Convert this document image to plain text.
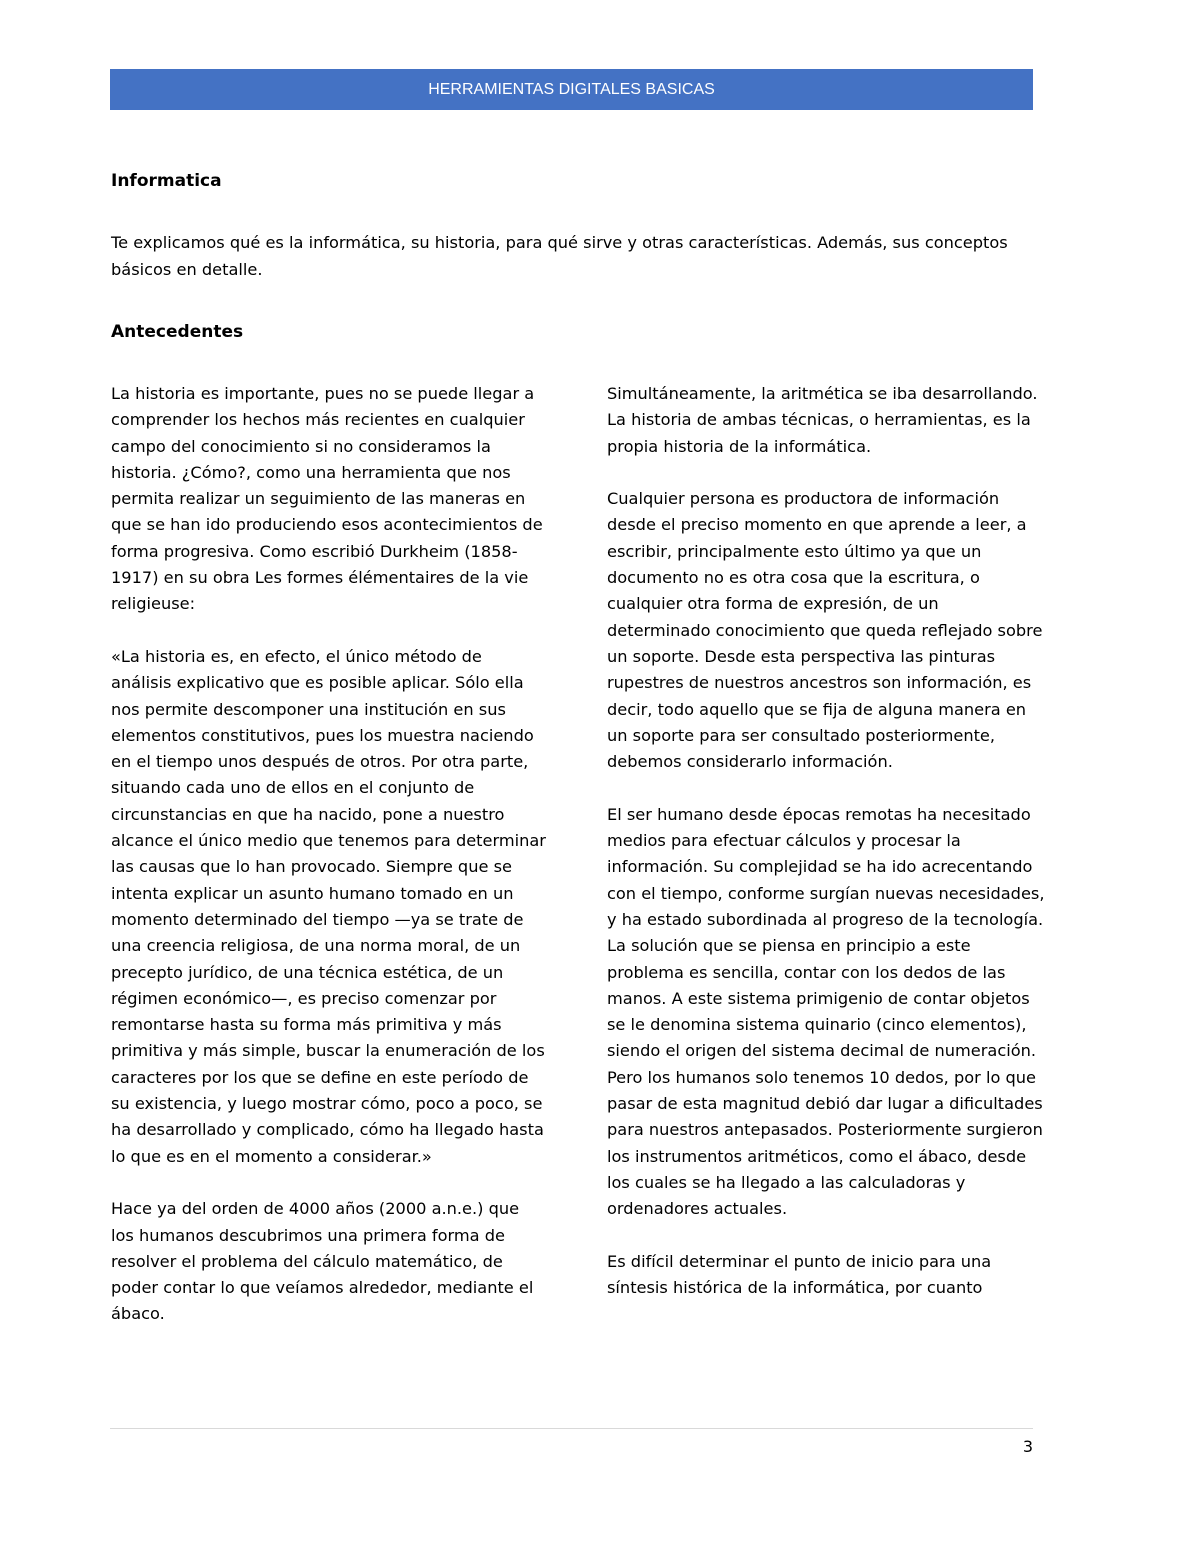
HERRAMIENTAS DIGITALES BASICAS
Informatica

Te explicamos qué es la informática, su historia, para qué sirve y otras características. Además, sus conceptos básicos en detalle.

Antecedentes

La historia es importante, pues no se puede llegar a comprender los hechos más recientes en cualquier campo del conocimiento si no consideramos la historia. ¿Cómo?, como una herramienta que nos permita realizar un seguimiento de las maneras en que se han ido produciendo esos acontecimientos de forma progresiva. Como escribió Durkheim (1858-1917) en su obra Les formes élémentaires de la vie religieuse:

«La historia es, en efecto, el único método de análisis explicativo que es posible aplicar. Sólo ella nos permite descomponer una institución en sus elementos constitutivos, pues los muestra naciendo en el tiempo unos después de otros. Por otra parte, situando cada uno de ellos en el conjunto de circunstancias en que ha nacido, pone a nuestro alcance el único medio que tenemos para determinar las causas que lo han provocado. Siempre que se intenta explicar un asunto humano tomado en un momento determinado del tiempo —ya se trate de una creencia religiosa, de una norma moral, de un precepto jurídico, de una técnica estética, de un régimen económico—, es preciso comenzar por remontarse hasta su forma más primitiva y más primitiva y más simple, buscar la enumeración de los caracteres por los que se define en este período de su existencia, y luego mostrar cómo, poco a poco, se ha desarrollado y complicado, cómo ha llegado hasta lo que es en el momento a considerar.»

Hace ya del orden de 4000 años (2000 a.n.e.) que los humanos descubrimos una primera forma de resolver el problema del cálculo matemático, de poder contar lo que veíamos alrededor, mediante el ábaco.

Simultáneamente, la aritmética se iba desarrollando. La historia de ambas técnicas, o herramientas, es la propia historia de la informática.

Cualquier persona es productora de información desde el preciso momento en que aprende a leer, a escribir, principalmente esto último ya que un documento no es otra cosa que la escritura, o cualquier otra forma de expresión, de un determinado conocimiento que queda reflejado sobre un soporte. Desde esta perspectiva las pinturas rupestres de nuestros ancestros son información, es decir, todo aquello que se fija de alguna manera en un soporte para ser consultado posteriormente, debemos considerarlo información.

El ser humano desde épocas remotas ha necesitado medios para efectuar cálculos y procesar la información. Su complejidad se ha ido acrecentando con el tiempo, conforme surgían nuevas necesidades, y ha estado subordinada al progreso de la tecnología. La solución que se piensa en principio a este problema es sencilla, contar con los dedos de las manos. A este sistema primigenio de contar objetos se le denomina sistema quinario (cinco elementos), siendo el origen del sistema decimal de numeración. Pero los humanos solo tenemos 10 dedos, por lo que pasar de esta magnitud debió dar lugar a dificultades para nuestros antepasados. Posteriormente surgieron los instrumentos aritméticos, como el ábaco, desde los cuales se ha llegado a las calculadoras y ordenadores actuales.

Es difícil determinar el punto de inicio para una síntesis histórica de la informática, por cuanto

3
